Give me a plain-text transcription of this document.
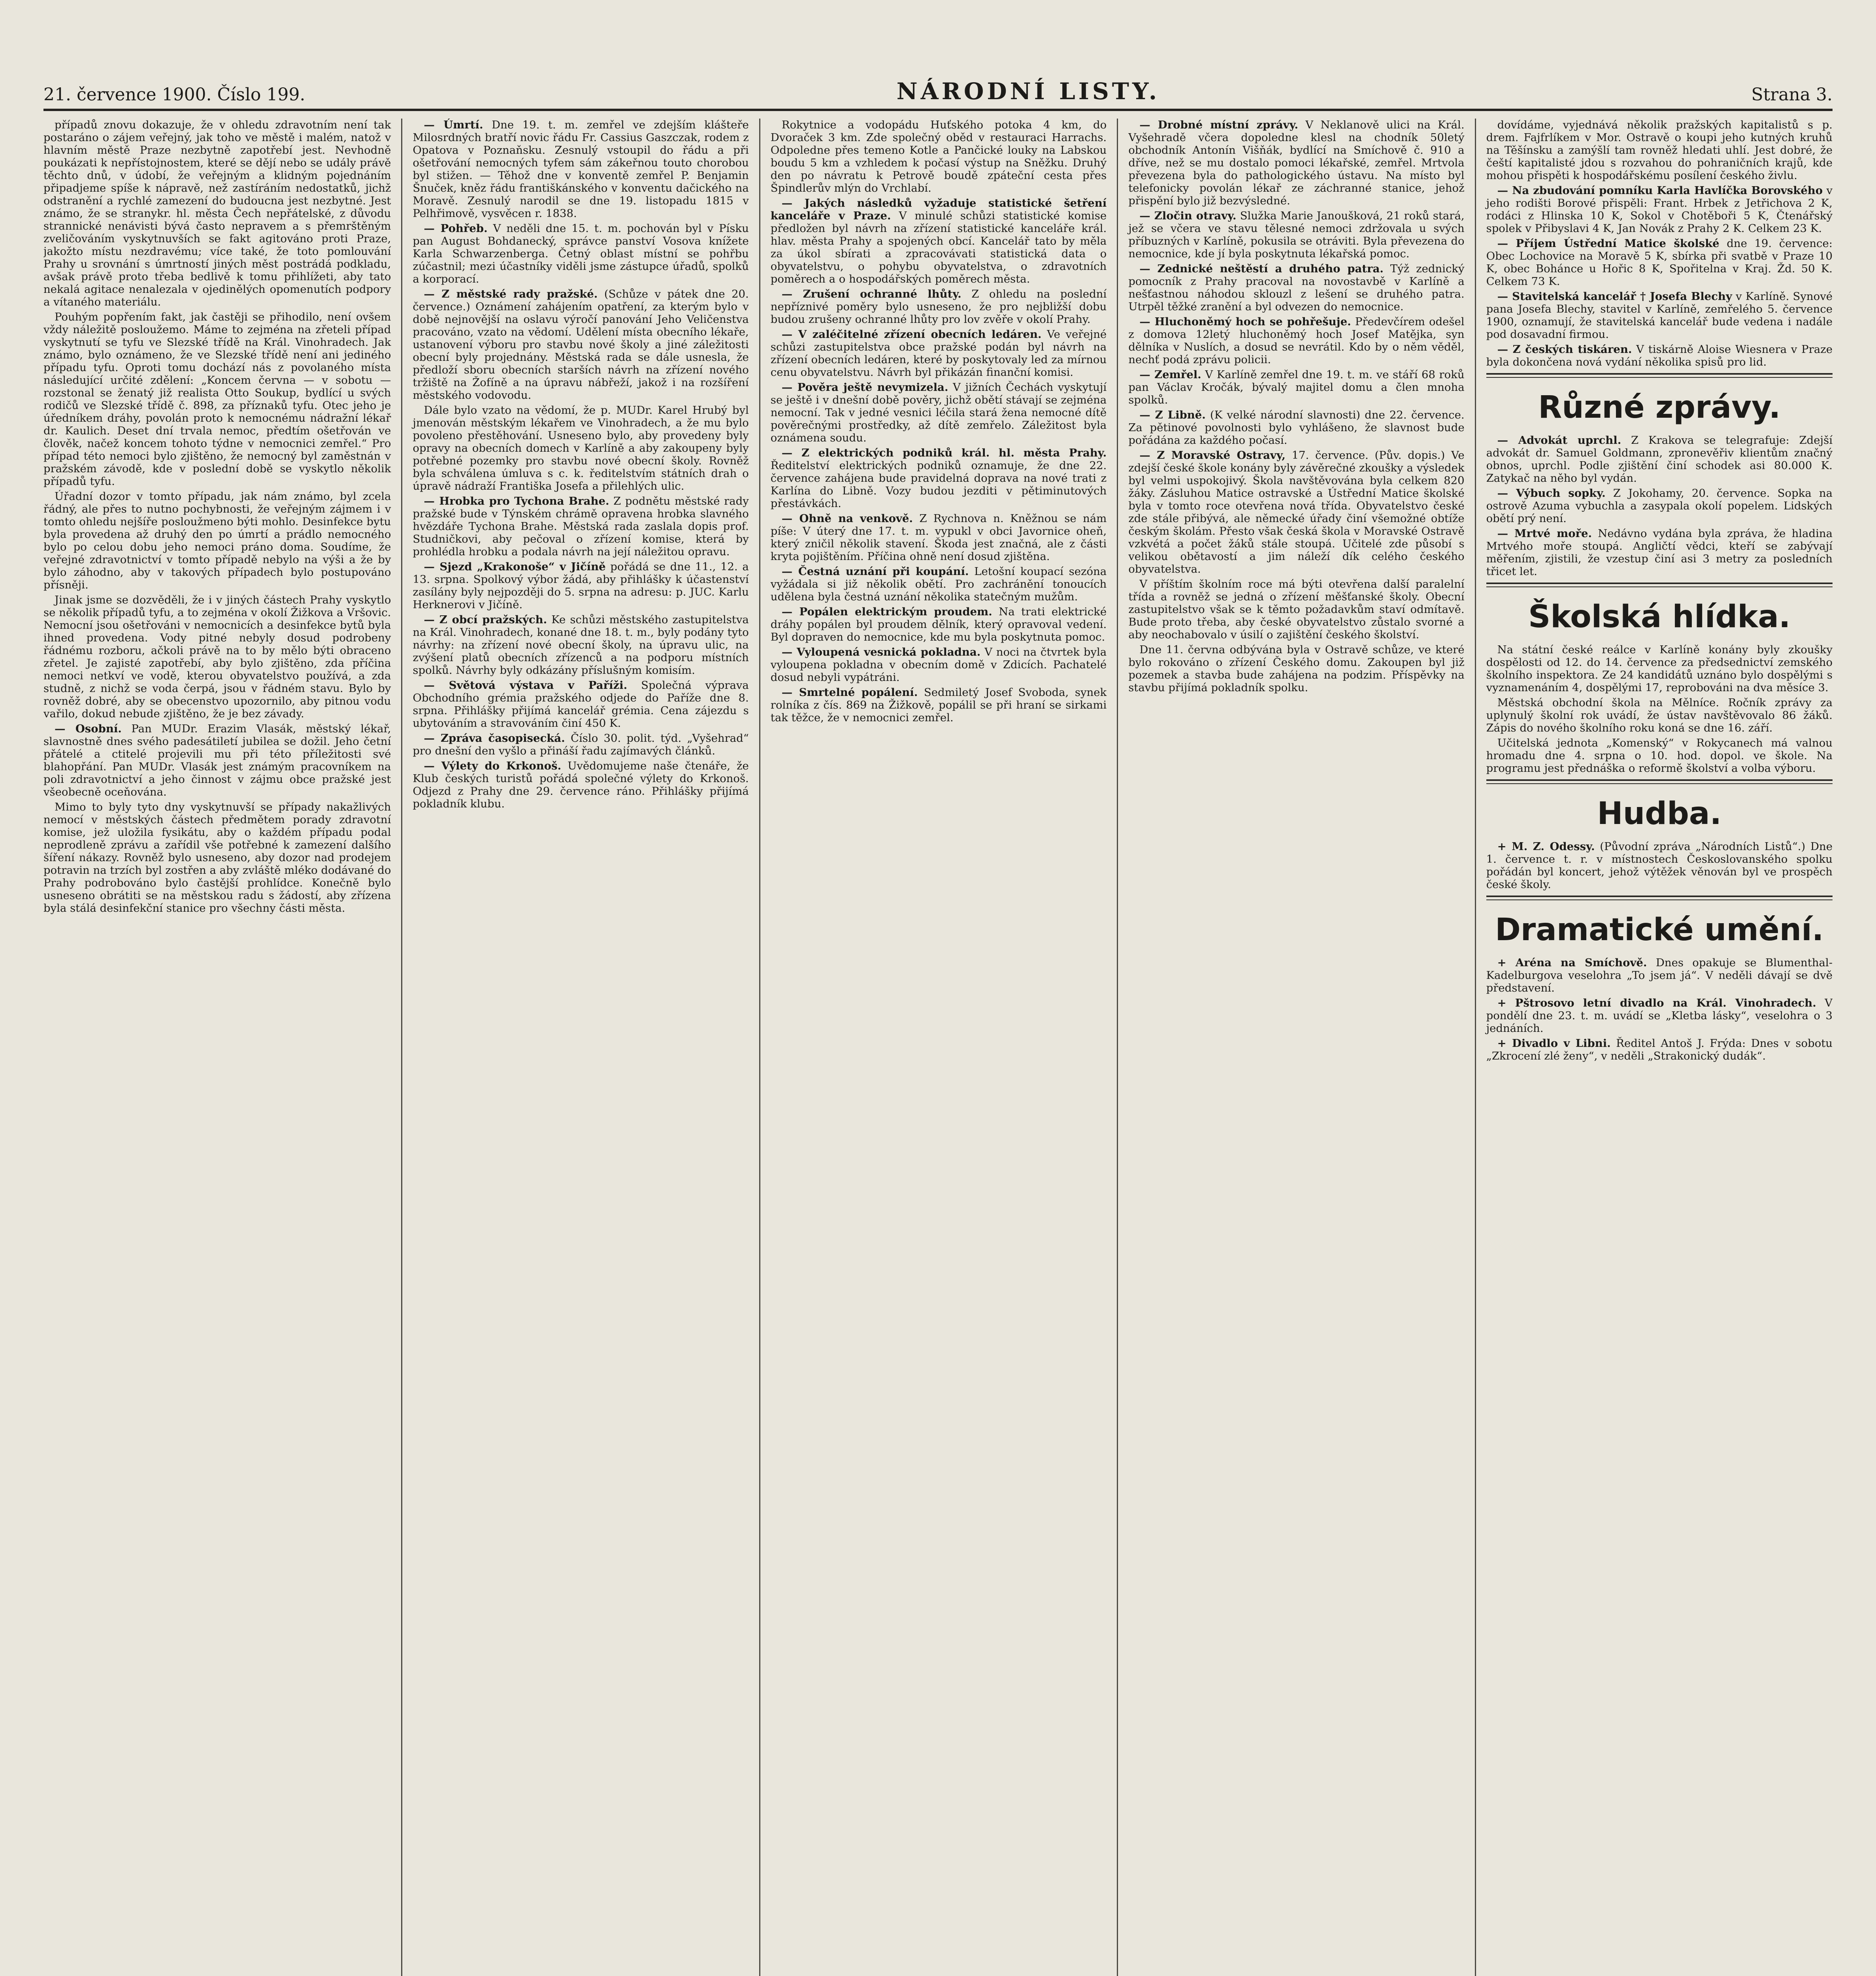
21. července 1900. Číslo 199.	NÁRODNÍ LISTY.	Strana 3.

případů znovu dokazuje, že v ohledu zdravotním není tak postaráno o zájem veřejný, jak toho ve městě i malém, natož v hlavním městě Praze nezbytně zapotřebí jest. Nevhodně poukázati k nepřístojnostem, které se dějí nebo se udály právě těchto dnů, v údobí, že veřejným a klidným pojednáním připadjeme spíše k nápravě, než zastíráním nedostatků, jichž odstranění a rychlé zamezení do budoucna jest nezbytné. Jest známo, že se stranykr. hl. města Čech nepřátelské, z důvodu strannické nenávisti bývá často nepravem a s přemrštěným zveličováním vyskytnuvších se fakt agitováno proti Praze, jakožto místu nezdravému; více také, že toto pomlouvání Prahy u srovnání s úmrtností jiných měst postrádá podkladu, avšak právě proto třeba bedlivě k tomu přihlížeti, aby tato nekalá agitace nenalezala v ojedinělých opomenutích podpory a vítaného materiálu.

Pouhým popřením fakt, jak častěji se přihodilo, není ovšem vždy náležitě posloužemo. Máme to zejména na zřeteli případ vyskytnutí se tyfu ve Slezské třídě na Král. Vinohradech. Jak známo, bylo oznámeno, že ve Slezské třídě není ani jediného případu tyfu. Oproti tomu dochází nás z povolaného místa následující určité zdělení: „Koncem června — v sobotu — rozstonal se ženatý již realista Otto Soukup, bydlící u svých rodičů ve Slezské třídě č. 898, za příznaků tyfu. Otec jeho je úředníkem dráhy, povolán proto k nemocnému nádražní lékař dr. Kaulich. Deset dní trvala nemoc, předtím ošetřován ve člověk, načež koncem tohoto týdne v nemocnici zemřel.“ Pro případ této nemoci bylo zjištěno, že nemocný byl zaměstnán v pražském závodě, kde v poslední době se vyskytlo několik případů tyfu.

Úřadní dozor v tomto případu, jak nám známo, byl zcela řádný, ale přes to nutno pochybnosti, že veřejným zájmem i v tomto ohledu nejšíře posloužmeno býti mohlo. Desinfekce bytu byla provedena až druhý den po úmrtí a prádlo nemocného bylo po celou dobu jeho nemoci práno doma. Soudíme, že veřejné zdravotnictví v tomto případě nebylo na výši a že by bylo záhodno, aby v takových případech bylo postupováno přísněji.

Jinak jsme se dozvěděli, že i v jiných částech Prahy vyskytlo se několik případů tyfu, a to zejména v okolí Žižkova a Vršovic. Nemocní jsou ošetřováni v nemocnicích a desinfekce bytů byla ihned provedena. Vody pitné nebyly dosud podrobeny řádnému rozboru, ačkoli právě na to by mělo býti obraceno zřetel. Je zajisté zapotřebí, aby bylo zjištěno, zda příčina nemoci netkví ve vodě, kterou obyvatelstvo používá, a zda studně, z nichž se voda čerpá, jsou v řádném stavu. Bylo by rovněž dobré, aby se obecenstvo upozornilo, aby pitnou vodu vařilo, dokud nebude zjištěno, že je bez závady.

— Osobní. Pan MUDr. Erazim Vlasák, městský lékař, slavnostně dnes svého padesátiletí jubilea se dožil. Jeho četní přátelé a ctitelé projevili mu při této příležitosti své blahopřání. Pan MUDr. Vlasák jest známým pracovníkem na poli zdravotnictví a jeho činnost v zájmu obce pražské jest všeobecně oceňována.

Mimo to byly tyto dny vyskytnuvší se případy nakažlivých nemocí v městských částech předmětem porady zdravotní komise, jež uložila fysikátu, aby o každém případu podal neprodleně zprávu a zařídil vše potřebné k zamezení dalšího šíření nákazy. Rovněž bylo usneseno, aby dozor nad prodejem potravin na trzích byl zostřen a aby zvláště mléko dodávané do Prahy podrobováno bylo častější prohlídce. Konečně bylo usneseno obrátiti se na městskou radu s žádostí, aby zřízena byla stálá desinfekční stanice pro všechny části města.

— Úmrtí. Dne 19. t. m. zemřel ve zdejším klášteře Milosrdných bratří novic řádu Fr. Cassius Gaszczak, rodem z Opatova v Poznaňsku. Zesnulý vstoupil do řádu a při ošetřování nemocných tyfem sám zákeřnou touto chorobou byl stižen. — Těhož dne v konventě zemřel P. Benjamin Šnuček, kněz řádu františkánského v konventu dačického na Moravě. Zesnulý narodil se dne 19. listopadu 1815 v Pelhřimově, vysvěcen r. 1838.

— Pohřeb. V neděli dne 15. t. m. pochován byl v Písku pan August Bohdanecký, správce panství Vosova knížete Karla Schwarzenberga. Četný oblast místní se pohřbu zúčastnil; mezi účastníky viděli jsme zástupce úřadů, spolků a korporací.

— Z městské rady pražské. (Schůze v pátek dne 20. července.) Oznámení zahájením opatření, za kterým bylo v době nejnovější na oslavu výročí panování Jeho Veličenstva pracováno, vzato na vědomí. Udělení místa obecního lékaře, ustanovení výboru pro stavbu nové školy a jiné záležitosti obecní byly projednány. Městská rada se dále usnesla, že předloží sboru obecních starších návrh na zřízení nového tržiště na Žofíně a na úpravu nábřeží, jakož i na rozšíření městského vodovodu.

Dále bylo vzato na vědomí, že p. MUDr. Karel Hrubý byl jmenován městským lékařem ve Vinohradech, a že mu bylo povoleno přestěhování. Usneseno bylo, aby provedeny byly opravy na obecních domech v Karlíně a aby zakoupeny byly potřebné pozemky pro stavbu nové obecní školy. Rovněž byla schválena úmluva s c. k. ředitelstvím státních drah o úpravě nádraží Františka Josefa a přilehlých ulic.

— Hrobka pro Tychona Brahe. Z podnětu městské rady pražské bude v Týnském chrámě opravena hrobka slavného hvězdáře Tychona Brahe. Městská rada zaslala dopis prof. Studničkovi, aby pečoval o zřízení komise, která by prohlédla hrobku a podala návrh na její náležitou opravu.

— Sjezd „Krakonoše“ v Jičíně pořádá se dne 11., 12. a 13. srpna. Spolkový výbor žádá, aby přihlášky k účastenství zasílány byly nejpozději do 5. srpna na adresu: p. JUC. Karlu Herknerovi v Jičíně.

— Z obcí pražských. Ke schůzi městského zastupitelstva na Král. Vinohradech, konané dne 18. t. m., byly podány tyto návrhy: na zřízení nové obecní školy, na úpravu ulic, na zvýšení platů obecních zřízenců a na podporu místních spolků. Návrhy byly odkázány příslušným komisím.

— Světová výstava v Paříži. Společná výprava Obchodního grémia pražského odjede do Paříže dne 8. srpna. Přihlášky přijímá kancelář grémia. Cena zájezdu s ubytováním a stravováním činí 450 K.

— Zpráva časopisecká. Číslo 30. polit. týd. „Vyšehrad“ pro dnešní den vyšlo a přináší řadu zajímavých článků.

— Výlety do Krkonoš. Uvědomujeme naše čtenáře, že Klub českých turistů pořádá společné výlety do Krkonoš. Odjezd z Prahy dne 29. července ráno. Přihlášky přijímá pokladník klubu.

Rokytnice a vodopádu Huťského potoka 4 km, do Dvoraček 3 km. Zde společný oběd v restauraci Harrachs. Odpoledne přes temeno Kotle a Pančické louky na Labskou boudu 5 km a vzhledem k počasí výstup na Sněžku. Druhý den po návratu k Petrově boudě zpáteční cesta přes Špindlerův mlýn do Vrchlabí.

— Jakých následků vyžaduje statistické šetření kanceláře v Praze. V minulé schůzi statistické komise předložen byl návrh na zřízení statistické kanceláře král. hlav. města Prahy a spojených obcí. Kancelář tato by měla za úkol sbírati a zpracovávati statistická data o obyvatelstvu, o pohybu obyvatelstva, o zdravotních poměrech a o hospodářských poměrech města.

— Zrušení ochranné lhůty. Z ohledu na poslední nepříznivé poměry bylo usneseno, že pro nejbližší dobu budou zrušeny ochranné lhůty pro lov zvěře v okolí Prahy.

— V zaléčitelné zřízení obecních ledáren. Ve veřejné schůzi zastupitelstva obce pražské podán byl návrh na zřízení obecních ledáren, které by poskytovaly led za mírnou cenu obyvatelstvu. Návrh byl přikázán finanční komisi.

— Pověra ještě nevymizela. V jižních Čechách vyskytují se ještě i v dnešní době pověry, jichž obětí stávají se zejména nemocní. Tak v jedné vesnici léčila stará žena nemocné dítě pověrečnými prostředky, až dítě zemřelo. Záležitost byla oznámena soudu.

— Z elektrických podniků král. hl. města Prahy. Ředitelství elektrických podniků oznamuje, že dne 22. července zahájena bude pravidelná doprava na nové trati z Karlína do Libně. Vozy budou jezditi v pětiminutových přestávkách.

— Ohně na venkově. Z Rychnova n. Kněžnou se nám píše: V úterý dne 17. t. m. vypukl v obci Javornice oheň, který zničil několik stavení. Škoda jest značná, ale z části kryta pojištěním. Příčina ohně není dosud zjištěna.

— Čestná uznání při koupání. Letošní koupací sezóna vyžádala si již několik obětí. Pro zachránění tonoucích udělena byla čestná uznání několika statečným mužům.

— Popálen elektrickým proudem. Na trati elektrické dráhy popálen byl proudem dělník, který opravoval vedení. Byl dopraven do nemocnice, kde mu byla poskytnuta pomoc.

— Vyloupená vesnická pokladna. V noci na čtvrtek byla vyloupena pokladna v obecním domě v Zdicích. Pachatelé dosud nebyli vypátráni.

— Smrtelné popálení. Sedmiletý Josef Svoboda, synek rolníka z čís. 869 na Žižkově, popálil se při hraní se sirkami tak těžce, že v nemocnici zemřel.

— Drobné místní zprávy. V Neklanově ulici na Král. Vyšehradě včera dopoledne klesl na chodník 50letý obchodník Antonín Višňák, bydlící na Smíchově č. 910 a dříve, než se mu dostalo pomoci lékařské, zemřel. Mrtvola převezena byla do pathologického ústavu. Na místo byl telefonicky povolán lékař ze záchranné stanice, jehož přispění bylo již bezvýsledné.

— Zločin otravy. Služka Marie Janoušková, 21 roků stará, jež se včera ve stavu tělesné nemoci zdržovala u svých příbuzných v Karlíně, pokusila se otráviti. Byla převezena do nemocnice, kde jí byla poskytnuta lékařská pomoc.

— Zednické neštěstí a druhého patra. Týž zednický pomocník z Prahy pracoval na novostavbě v Karlíně a nešťastnou náhodou sklouzl z lešení se druhého patra. Utrpěl těžké zranění a byl odvezen do nemocnice.

— Hluchoněmý hoch se pohřešuje. Předevčírem odešel z domova 12letý hluchoněmý hoch Josef Matějka, syn dělníka v Nuslích, a dosud se nevrátil. Kdo by o něm věděl, nechť podá zprávu policii.

— Zemřel. V Karlíně zemřel dne 19. t. m. ve stáří 68 roků pan Václav Kročák, bývalý majitel domu a člen mnoha spolků.

— Z Libně. (K velké národní slavnosti) dne 22. července. Za pětinové povolnosti bylo vyhlášeno, že slavnost bude pořádána za každého počasí.

— Z Moravské Ostravy, 17. července. (Pův. dopis.) Ve zdejší české škole konány byly závěrečné zkoušky a výsledek byl velmi uspokojivý. Škola navštěvována byla celkem 820 žáky. Zásluhou Matice ostravské a Ústřední Matice školské byla v tomto roce otevřena nová třída. Obyvatelstvo české zde stále přibývá, ale německé úřady činí všemožné obtíže českým školám. Přesto však česká škola v Moravské Ostravě vzkvétá a počet žáků stále stoupá. Učitelé zde působí s velikou obětavostí a jim náleží dík celého českého obyvatelstva.

V příštím školním roce má býti otevřena další paralelní třída a rovněž se jedná o zřízení měšťanské školy. Obecní zastupitelstvo však se k těmto požadavkům staví odmítavě. Bude proto třeba, aby české obyvatelstvo zůstalo svorné a aby neochabovalo v úsilí o zajištění českého školství.

Dne 11. června odbývána byla v Ostravě schůze, ve které bylo rokováno o zřízení Českého domu. Zakoupen byl již pozemek a stavba bude zahájena na podzim. Příspěvky na stavbu přijímá pokladník spolku.

dovídáme, vyjednává několik pražských kapitalistů s p. drem. Fajfrlíkem v Mor. Ostravě o koupi jeho kutných kruhů na Těšínsku a zamýšlí tam rovněž hledati uhlí. Jest dobré, že čeští kapitalisté jdou s rozvahou do pohraničních krajů, kde mohou přispěti k hospodářskému posílení českého živlu.

— Na zbudování pomníku Karla Havlíčka Borovského v jeho rodišti Borové přispěli: Frant. Hrbek z Jetřichova 2 K, rodáci z Hlinska 10 K, Sokol v Chotěboři 5 K, Čtenářský spolek v Přibyslavi 4 K, Jan Novák z Prahy 2 K. Celkem 23 K.

— Příjem Ústřední Matice školské dne 19. července: Obec Lochovice na Moravě 5 K, sbírka při svatbě v Praze 10 K, obec Bohánce u Hořic 8 K, Spořitelna v Kraj. Žd. 50 K. Celkem 73 K.

— Stavitelská kancelář † Josefa Blechy v Karlíně. Synové pana Josefa Blechy, stavitel v Karlíně, zemřelého 5. července 1900, oznamují, že stavitelská kancelář bude vedena i nadále pod dosavadní firmou.

— Z českých tiskáren. V tiskárně Aloise Wiesnera v Praze byla dokončena nová vydání několika spisů pro lid.

Různé zprávy.

— Advokát uprchl. Z Krakova se telegrafuje: Zdejší advokát dr. Samuel Goldmann, zpronevěřiv klientům značný obnos, uprchl. Podle zjištění činí schodek asi 80.000 K. Zatykač na něho byl vydán.

— Výbuch sopky. Z Jokohamy, 20. července. Sopka na ostrově Azuma vybuchla a zasypala okolí popelem. Lidských obětí prý není.

— Mrtvé moře. Nedávno vydána byla zpráva, že hladina Mrtvého moře stoupá. Angličtí vědci, kteří se zabývají měřením, zjistili, že vzestup činí asi 3 metry za posledních třicet let.

Školská hlídka.

Na státní české reálce v Karlíně konány byly zkoušky dospělosti od 12. do 14. července za předsednictví zemského školního inspektora. Ze 24 kandidátů uznáno bylo dospělými s vyznamenáním 4, dospělými 17, reprobováni na dva měsíce 3.

Městská obchodní škola na Mělníce. Ročník zprávy za uplynulý školní rok uvádí, že ústav navštěvovalo 86 žáků. Zápis do nového školního roku koná se dne 16. září.

Učitelská jednota „Komenský“ v Rokycanech má valnou hromadu dne 4. srpna o 10. hod. dopol. ve škole. Na programu jest přednáška o reformě školství a volba výboru.

Hudba.

+ M. Z. Odessy. (Původní zpráva „Národních Listů“.) Dne 1. července t. r. v místnostech Českoslovanského spolku pořádán byl koncert, jehož výtěžek věnován byl ve prospěch české školy.

Dramatické umění.

+ Aréna na Smíchově. Dnes opakuje se Blumenthal-Kadelburgova veselohra „To jsem já“. V neděli dávají se dvě představení.

+ Pštrosovo letní divadlo na Král. Vinohradech. V pondělí dne 23. t. m. uvádí se „Kletba lásky“, veselohra o 3 jednáních.

+ Divadlo v Libni. Ředitel Antoš J. Frýda: Dnes v sobotu „Zkrocení zlé ženy“, v neděli „Strakonický dudák“.
